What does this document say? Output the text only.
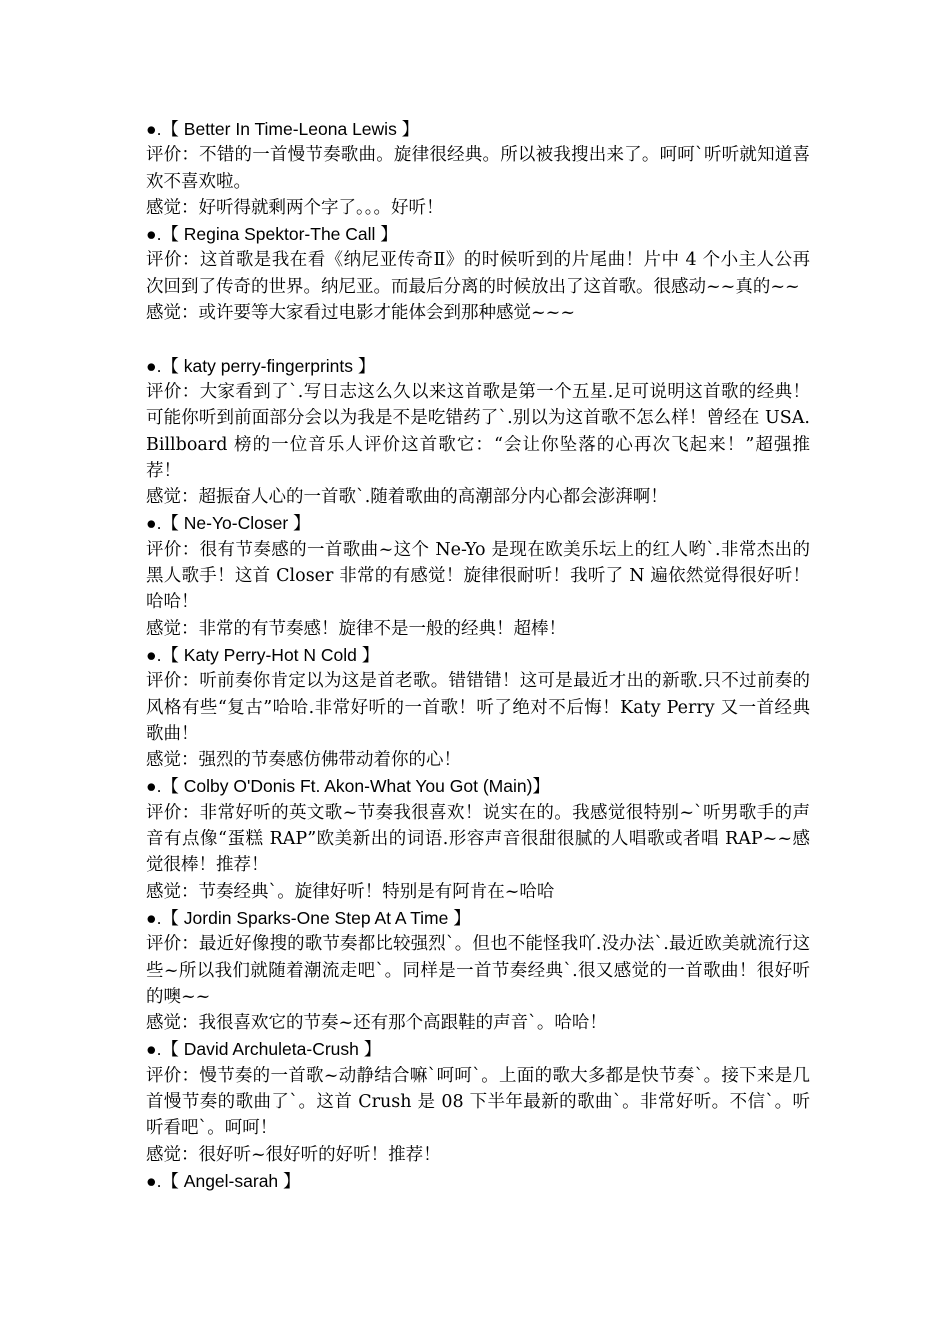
●.【 Better In Time-Leona Lewis 】

评价：不错的一首慢节奏歌曲。旋律很经典。所以被我搜出来了。呵呵`听听就知道喜欢不喜欢啦。

感觉：好听得就剩两个字了。。。好听！

●.【 Regina Spektor-The Call 】

评价：这首歌是我在看《纳尼亚传奇Ⅱ》的时候听到的片尾曲！片中 4 个小主人公再次回到了传奇的世界。纳尼亚。而最后分离的时候放出了这首歌。很感动~~真的~~

感觉：或许要等大家看过电影才能体会到那种感觉~~~

●.【 katy perry-fingerprints 】

评价：大家看到了`.写日志这么久以来这首歌是第一个五星.足可说明这首歌的经典！可能你听到前面部分会以为我是不是吃错药了`.别以为这首歌不怎么样！曾经在 USA.Billboard 榜的一位音乐人评价这首歌它：“会让你坠落的心再次飞起来！”超强推荐！

感觉：超振奋人心的一首歌`.随着歌曲的高潮部分内心都会澎湃啊！

●.【 Ne-Yo-Closer 】

评价：很有节奏感的一首歌曲~这个 Ne-Yo 是现在欧美乐坛上的红人哟`.非常杰出的黑人歌手！这首 Closer 非常的有感觉！旋律很耐听！我听了 N 遍依然觉得很好听！哈哈！

感觉：非常的有节奏感！旋律不是一般的经典！超棒！

●.【 Katy Perry-Hot N Cold 】

评价：听前奏你肯定以为这是首老歌。错错错！这可是最近才出的新歌.只不过前奏的风格有些“复古”哈哈.非常好听的一首歌！听了绝对不后悔！Katy Perry 又一首经典歌曲！

感觉：强烈的节奏感仿佛带动着你的心！

●.【 Colby O'Donis Ft. Akon-What You Got (Main)】

评价：非常好听的英文歌~节奏我很喜欢！说实在的。我感觉很特别~`听男歌手的声音有点像“蛋糕 RAP”欧美新出的词语.形容声音很甜很腻的人唱歌或者唱 RAP~~感觉很棒！推荐！

感觉：节奏经典`。旋律好听！特别是有阿肯在~哈哈

●.【 Jordin Sparks-One Step At A Time 】

评价：最近好像搜的歌节奏都比较强烈`。但也不能怪我吖.没办法`.最近欧美就流行这些~所以我们就随着潮流走吧`。同样是一首节奏经典`.很又感觉的一首歌曲！很好听的噢~~

感觉：我很喜欢它的节奏~还有那个高跟鞋的声音`。哈哈！

●.【 David Archuleta-Crush 】

评价：慢节奏的一首歌~动静结合嘛`呵呵`。上面的歌大多都是快节奏`。接下来是几首慢节奏的歌曲了`。这首 Crush 是 08 下半年最新的歌曲`。非常好听。不信`。听听看吧`。呵呵！

感觉：很好听~很好听的好听！推荐！

●.【 Angel-sarah 】
